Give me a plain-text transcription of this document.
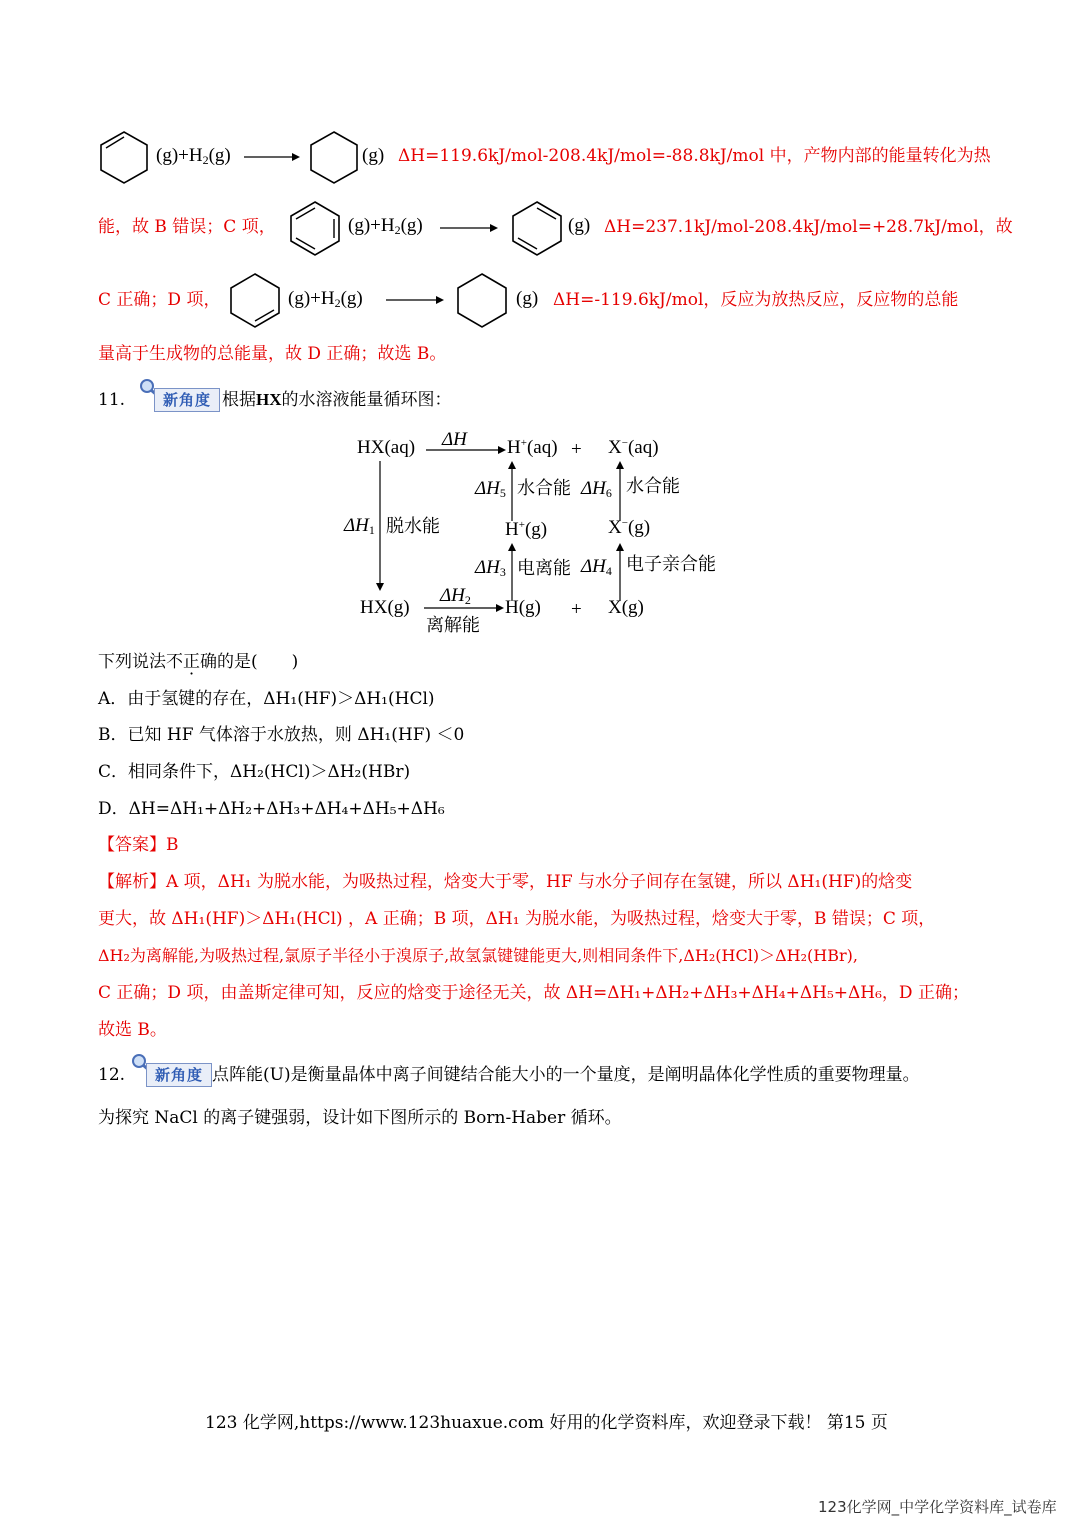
$(g)+H_2(g)$ →	(g) ΔH=119.6kJ/mol-208.4kJ/mol=-88.8kJ/mol 中，产物内部的能量转化为热
能，故 B 错误；C 项，	$(g)+H_2(g)$ →	(g) ΔH=237.1kJ/mol-208.4kJ/mol=+28.7kJ/mol，故
C 正确；D 项，	$(g)+H_2(g)$ →	(g) ΔH=-119.6kJ/mol，反应为放热反应，反应物的总能
量高于生成物的总能量，故 D 正确；故选 B。
11.	新角度 根据HX的水溶液能量循环图：
HX(aq) ΔH H+(aq) + X−(aq)
$\Delta H_5$ 水合能 $\Delta H_6$ 水合能
$\Delta H_1$ 脱水能	H+(g)	X−(g)
$\Delta H_3$ 电离能 $\Delta H_4$ 电子亲合能
HX(g)
$\Delta H_2$
离解能
H(g) + X(g)
下列说法不正确的是(　　)
A．由于氢键的存在，ΔH₁(HF)＞ΔH₁(HCl)
B．已知 HF 气体溶于水放热，则 ΔH₁(HF) ＜0
C．相同条件下，ΔH₂(HCl)＞ΔH₂(HBr)
D．ΔH=ΔH₁+ΔH₂+ΔH₃+ΔH₄+ΔH₅+ΔH₆
【答案】B
【解析】A 项，ΔH₁ 为脱水能，为吸热过程，焓变大于零，HF 与水分子间存在氢键，所以 ΔH₁(HF)的焓变
更大，故 ΔH₁(HF)＞ΔH₁(HCl) ，A 正确；B 项，ΔH₁ 为脱水能，为吸热过程，焓变大于零，B 错误；C 项，
ΔH₂为离解能,为吸热过程,氯原子半径小于溴原子,故氢氯键键能更大,则相同条件下,ΔH₂(HCl)＞ΔH₂(HBr),
C 正确；D 项，由盖斯定律可知，反应的焓变于途径无关，故 ΔH=ΔH₁+ΔH₂+ΔH₃+ΔH₄+ΔH₅+ΔH₆，D 正确；
故选 B。
12.	新角度 点阵能(U)是衡量晶体中离子间键结合能大小的一个量度，是阐明晶体化学性质的重要物理量。
为探究 NaCl 的离子键强弱，设计如下图所示的 Born-Haber 循环。
123 化学网,https://www.123huaxue.com 好用的化学资料库，欢迎登录下载！ 第15 页
123化学网_中学化学资料库_试卷库
